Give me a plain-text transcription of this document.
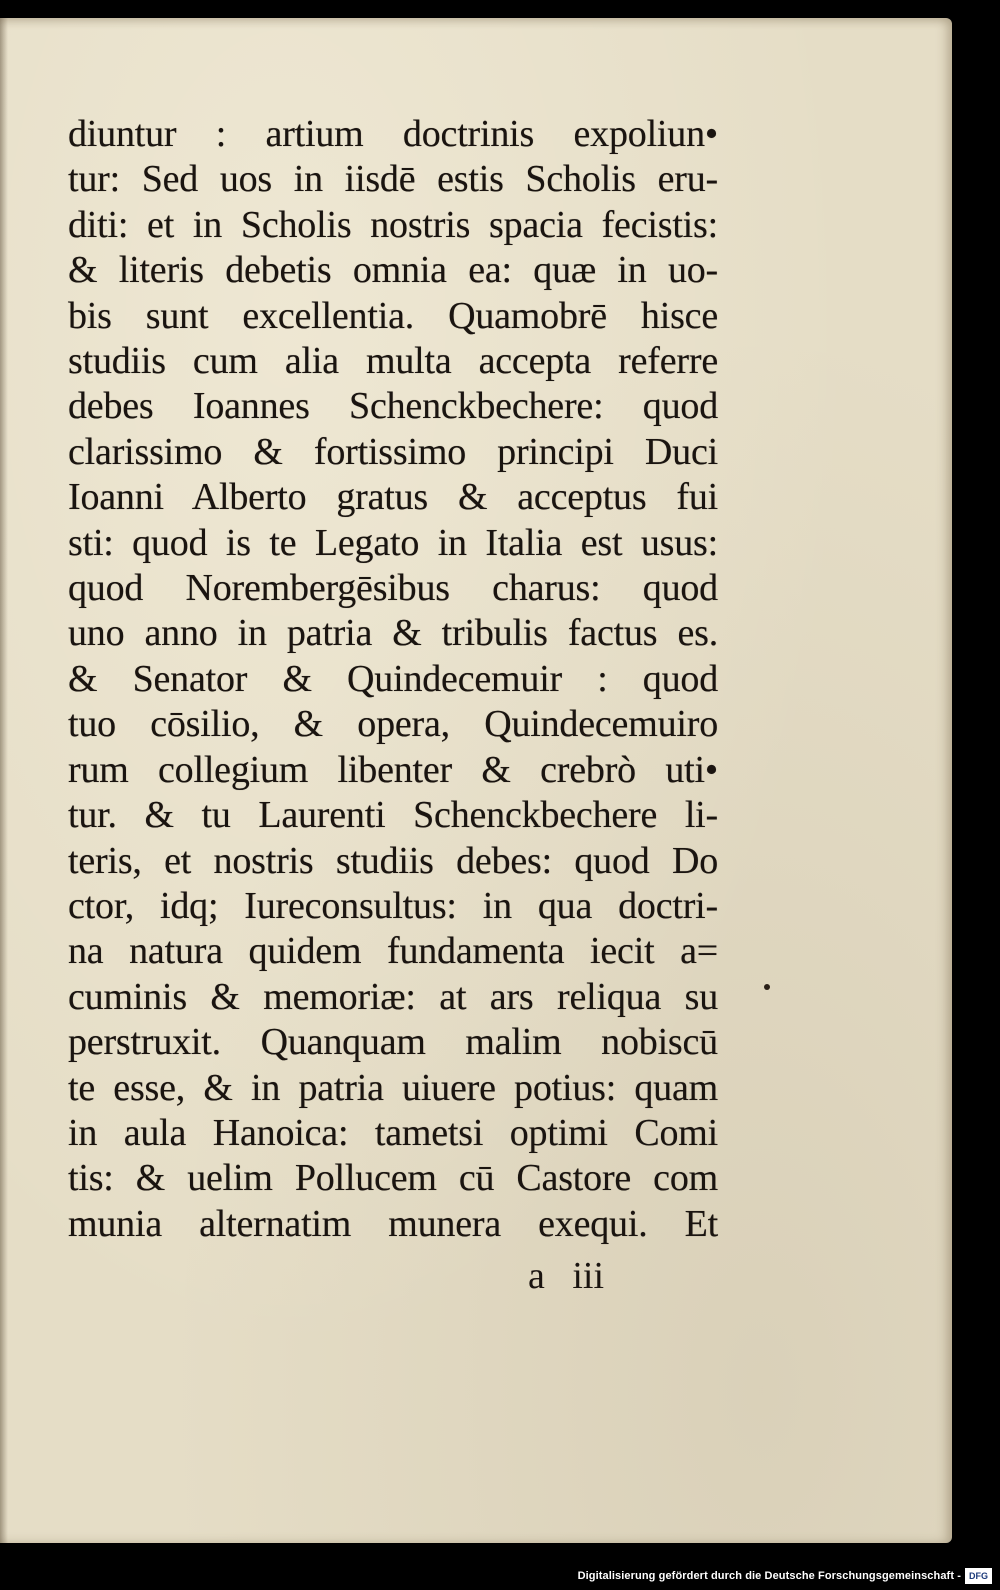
diuntur : artium doctrinis expoliun•
tur: Sed uos in iisdē estis Scholis eru-
diti: et in Scholis nostris spacia fecistis:
& literis debetis omnia ea: quæ in uo-
bis sunt excellentia. Quamobrē hisce
studiis cum alia multa accepta referre
debes Ioannes Schenckbechere: quod
clarissimo & fortissimo principi Duci
Ioanni Alberto gratus & acceptus fui
sti: quod is te Legato in Italia est usus:
quod Norembergēsibus charus: quod
uno anno in patria & tribulis factus es.
& Senator & Quindecemuir : quod
tuo cōsilio, & opera, Quindecemuiro
rum collegium libenter & crebrò uti•
tur. & tu Laurenti Schenckbechere li-
teris, et nostris studiis debes: quod Do
ctor, idq; Iureconsultus: in qua doctri-
na natura quidem fundamenta iecit a=
cuminis & memoriæ: at ars reliqua su
perstruxit. Quanquam malim nobiscū
te esse, & in patria uiuere potius: quam
in aula Hanoica: tametsi optimi Comi
tis: & uelim Pollucem cū Castore com
munia alternatim munera exequi. Et
a iii
Digitalisierung gefördert durch die Deutsche Forschungsgemeinschaft - DFG
